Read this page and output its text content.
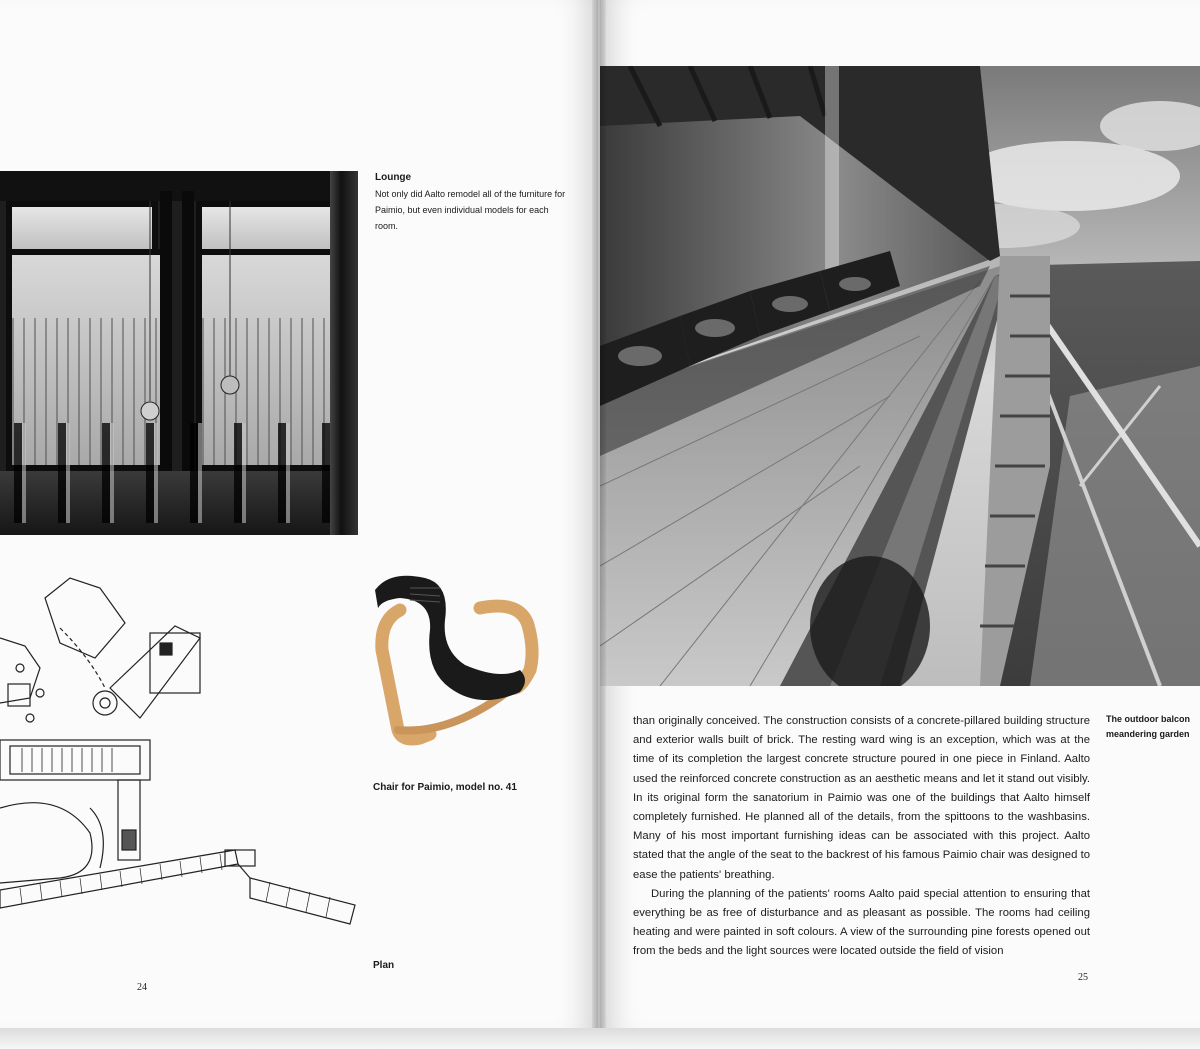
Lounge
Not only did Aalto remodel all of the furniture for Paimio, but even individual models for each room.
Chair for Paimio, model no. 41
Plan
24

than originally conceived. The construction consists of a concrete-pillared building structure and exterior walls built of brick. The resting ward wing is an exception, which was at the time of its completion the largest concrete structure poured in one piece in Finland. Aalto used the reinforced concrete construction as an aesthetic means and let it stand out visibly. In its original form the sanatorium in Paimio was one of the buildings that Aalto himself completely furnished. He planned all of the details, from the spittoons to the washbasins. Many of his most important furnishing ideas can be associated with this project. Aalto stated that the angle of the seat to the backrest of his famous Paimio chair was designed to ease the patients' breathing.

During the planning of the patients' rooms Aalto paid special attention to ensuring that everything be as free of disturbance and as pleasant as possible. The rooms had ceiling heating and were painted in soft colours. A view of the surrounding pine forests opened out from the beds and the light sources were located outside the field of vision

The outdoor balcon
meandering garden
25
